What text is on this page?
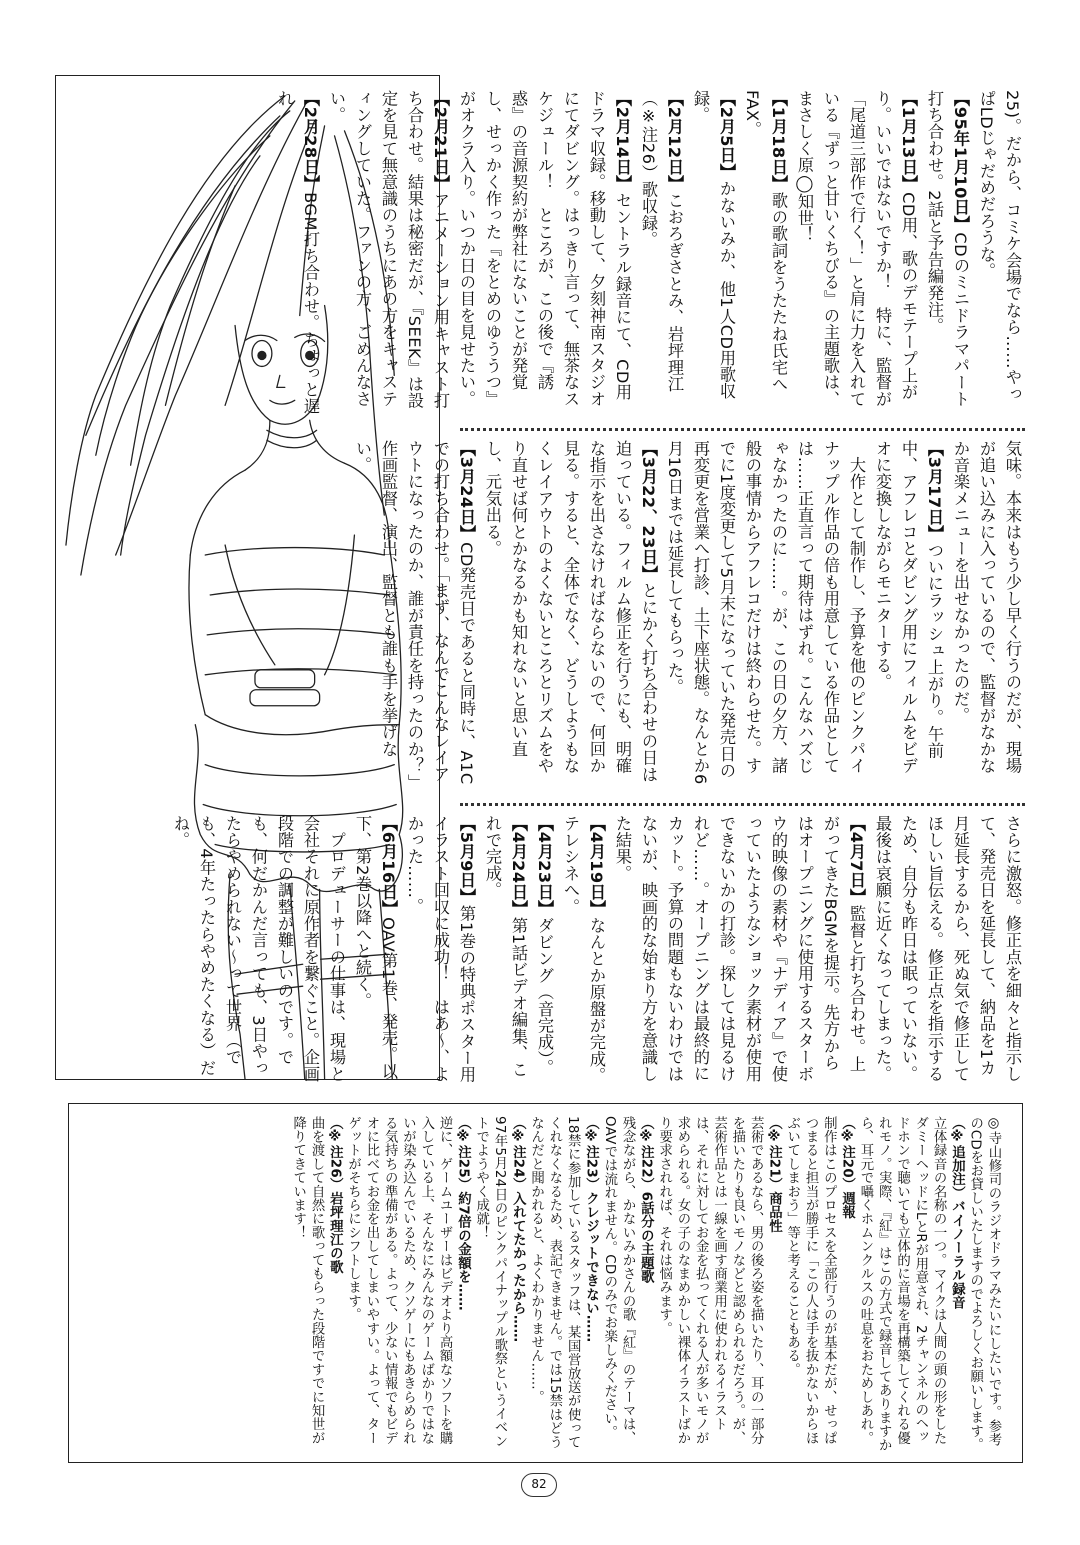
25)。だから、コミケ会場でなら……やっぱLDじゃだめだろうな。

【95年1月10日】CDのミニドラマパート打ち合わせ。2話と予告編発注。

【1月13日】CD用、歌のデモテープ上がり。いいではないですか！　特に、監督が「尾道三部作で行く！」と肩に力を入れている『ずっと甘いくちびる』の主題歌は、まさしく原◯知世！

【1月18日】歌の歌詞をうたたね氏宅へFAX。

【2月5日】かないみか、他1人CD用歌収録。

【2月12日】こおろぎさとみ、岩坪理江（※注26）歌収録。

【2月14日】セントラル録音にて、CD用ドラマ収録。移動して、夕刻神南スタジオにてダビング。はっきり言って、無茶なスケジュール！　ところが、この後で『誘惑』の音源契約が弊社にないことが発覚し、せっかく作った『をとめのゆううつ』がオクラ入り。いつか日の目を見せたい。

【2月21日】アニメーション用キャスト打ち合わせ。結果は秘密だが、『SEEK』は設定を見て無意識のうちにあの方をキャスティングしていた。ファンの方、ごめんなさい。

【2月28日】BGM打ち合わせ。ちょっと遅れ

気味。本来はもう少し早く行うのだが、現場が追い込みに入っているので、監督がなかなか音楽メニューを出せなかったのだ。

【3月17日】ついにラッシュ上がり。午前中、アフレコとダビング用にフィルムをビデオに変換しながらモニターする。

　大作として制作し、予算を他のピンクパイナップル作品の倍も用意している作品としては……正直言って期待はずれ。こんなハズじゃなかったのに……。が、この日の夕方、諸般の事情からアフレコだけは終わらせた。すでに1度変更して5月末になっていた発売日の再変更を営業へ打診、土下座状態。なんとか6月16日までは延長してもらった。

【3月22、23日】とにかく打ち合わせの日は迫っている。フィルム修正を行うにも、明確な指示を出さなければならないので、何回か見る。すると、全体でなく、どうしようもなくレイアウトのよくないところとリズムをやり直せば何とかなるかも知れないと思い直し、元気出る。

【3月24日】CD発売日であると同時に、A1Cでの打ち合わせ。「まず、なんでこんなレイアウトになったのか、誰が責任を持ったのか？」作画監督、演出、監督とも誰も手を挙げない。

さらに激怒。修正点を細々と指示して、発売日を延長して、納品を1カ月延長するから、死ぬ気で修正してほしい旨伝える。修正点を指示するため、自分も昨日は眠っていない。最後は哀願に近くなってしまった。

【4月7日】監督と打ち合わせ。上がってきたBGMを提示。先方からはオープニングに使用するスターボウ的映像の素材や『ナディア』で使っていたようなショック素材が使用できないかの打診。探しては見るけれど……。オープニングは最終的にカット。予算の問題もないわけではないが、映画的な始まり方を意識した結果。

【4月19日】なんとか原盤が完成。テレシネへ。

【4月23日】ダビング（音完成）。

【4月24日】第1話ビデオ編集、これで完成。

【5月9日】第1巻の特典ポスター用イラスト回収に成功！　はあ～、よかった……。

【6月16日】OAV第1巻、発売。以下、第2巻以降へと続く。

　プロデューサーの仕事は、現場と会社それに原作者を繋ぐこと。企画段階での調整が難しいのです。でも、何だかんだ言っても、3日やったらやめられない～って世界（でも、4年たったらやめたくなる）だね。

◎寺山修司のラジオドラマみたいにしたいです。参考のCDをお貸しいたしますのでよろしくお願いします。

（※追加注）バイノーラル録音
立体録音の名称の一つ。マイクは人間の頭の形をしたダミーヘッドにLとRが用意され、2チャンネルのヘッドホンで聴いても立体的に音場を再構築してくれる優れモノ。実際、『紅』はこの方式で録音してありますから、耳元で囁くホムンクルスの吐息をおためしあれ。

（※注20）週報
制作はこのプロセスを全部行うのが基本だが、せっぱつまると担当が勝手に「この人は手を抜かないからほぶいてしまおう」等と考えることもある。

（※注21）商品性
芸術であるなら、男の後ろ姿を描いたり、耳の一部分を描いたりも良いモノなどと認められるだろう。が、芸術作品とは一線を画す商業用に使われるイラストは、それに対してお金を払ってくれる人が多いモノが求められる。女の子のなまめかしい裸体イラストばかり要求されれば、それは悩みます。

（※注22）6話分の主題歌
残念ながら、かないみかさんの歌『紅』のテーマは、OAVでは流れません。CDのみでお楽しみください。

（※注23）クレジットできない……
18禁に参加しているスタッフは、某国営放送が使ってくれなくなるため、表記できません。では15禁はどうなんだと聞かれると、よくわかりません……。

（※注24）入れてたかったから……
97年5月24日のピンクパイナップル歌祭というイベントでようやく成就！

（※注25）約7倍の金額を……
逆に、ゲームユーザーはビデオより高額なソフトを購入している上、そんなにみんなのゲームばかりではないが染み込んでいるため、クソゲーにもあきらめられる気持ちの準備がある。よって、少ない情報でもビデオに比べてお金を出してしまいやすい。よって、ターゲットがそちらにシフトします。

（※注26）岩坪理江の歌
曲を渡して自然に歌ってもらった段階ですでに知世が降りてきています！

82
